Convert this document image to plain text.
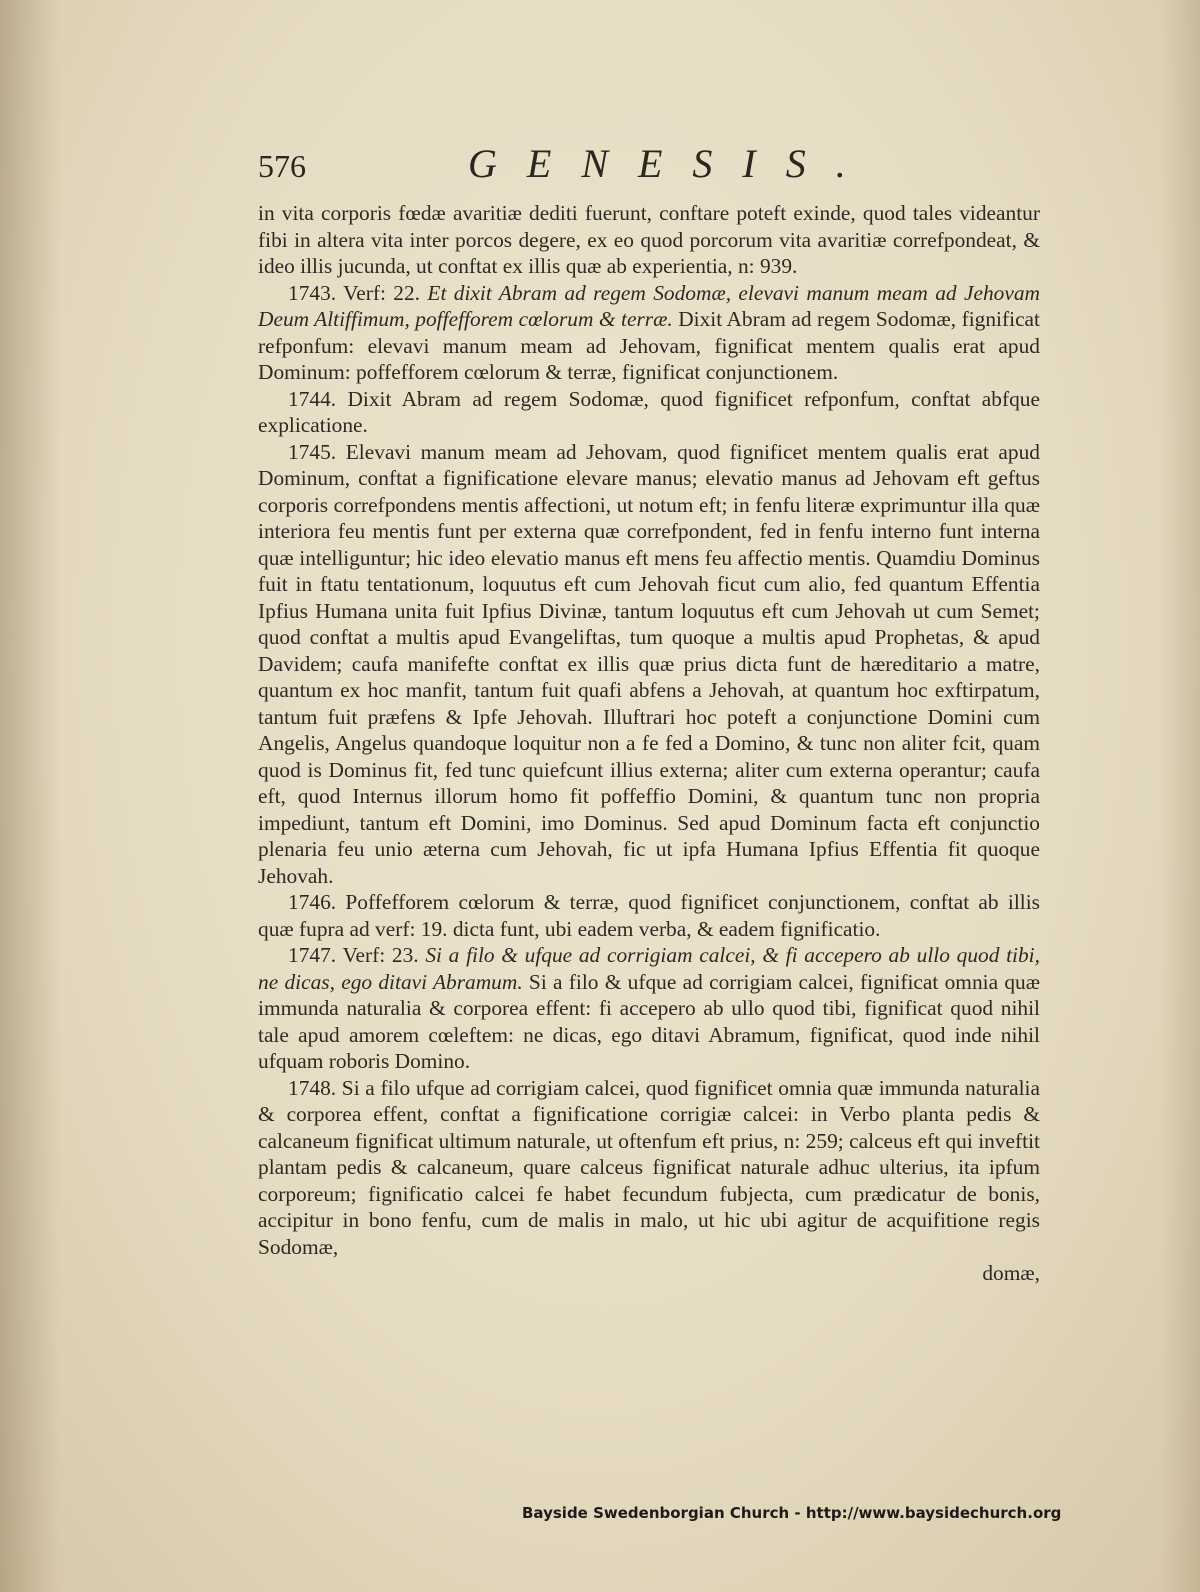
576	GENESIS.

in vita corporis fœdæ avaritiæ dediti fuerunt, conftare poteft exinde, quod tales videantur fibi in altera vita inter porcos degere, ex eo quod porcorum vita avaritiæ correfpondeat, & ideo illis jucunda, ut conftat ex illis quæ ab experientia, n: 939.

1743. Verf: 22. Et dixit Abram ad regem Sodomæ, elevavi manum meam ad Jehovam Deum Altiffimum, poffefforem cœlorum & terræ. Dixit Abram ad regem Sodomæ, fignificat refponfum: elevavi manum meam ad Jehovam, fignificat mentem qualis erat apud Dominum: poffefforem cœlorum & terræ, fignificat conjunctionem.

1744. Dixit Abram ad regem Sodomæ, quod fignificet refponfum, conftat abfque explicatione.

1745. Elevavi manum meam ad Jehovam, quod fignificet mentem qualis erat apud Dominum, conftat a fignificatione elevare manus; elevatio manus ad Jehovam eft geftus corporis correfpondens mentis affectioni, ut notum eft; in fenfu literæ exprimuntur illa quæ interiora feu mentis funt per externa quæ correfpondent, fed in fenfu interno funt interna quæ intelliguntur; hic ideo elevatio manus eft mens feu affectio mentis. Quamdiu Dominus fuit in ftatu tentationum, loquutus eft cum Jehovah ficut cum alio, fed quantum Effentia Ipfius Humana unita fuit Ipfius Divinæ, tantum loquutus eft cum Jehovah ut cum Semet; quod conftat a multis apud Evangeliftas, tum quoque a multis apud Prophetas, & apud Davidem; caufa manifefte conftat ex illis quæ prius dicta funt de hæreditario a matre, quantum ex hoc manfit, tantum fuit quafi abfens a Jehovah, at quantum hoc exftirpatum, tantum fuit præfens & Ipfe Jehovah. Illuftrari hoc poteft a conjunctione Domini cum Angelis, Angelus quandoque loquitur non a fe fed a Domino, & tunc non aliter fcit, quam quod is Dominus fit, fed tunc quiefcunt illius externa; aliter cum externa operantur; caufa eft, quod Internus illorum homo fit poffeffio Domini, & quantum tunc non propria impediunt, tantum eft Domini, imo Dominus. Sed apud Dominum facta eft conjunctio plenaria feu unio æterna cum Jehovah, fic ut ipfa Humana Ipfius Effentia fit quoque Jehovah.

1746. Poffefforem cœlorum & terræ, quod fignificet conjunctionem, conftat ab illis quæ fupra ad verf: 19. dicta funt, ubi eadem verba, & eadem fignificatio.

1747. Verf: 23. Si a filo & ufque ad corrigiam calcei, & fi accepero ab ullo quod tibi, ne dicas, ego ditavi Abramum. Si a filo & ufque ad corrigiam calcei, fignificat omnia quæ immunda naturalia & corporea effent: fi accepero ab ullo quod tibi, fignificat quod nihil tale apud amorem cœleftem: ne dicas, ego ditavi Abramum, fignificat, quod inde nihil ufquam roboris Domino.

1748. Si a filo ufque ad corrigiam calcei, quod fignificet omnia quæ immunda naturalia & corporea effent, conftat a fignificatione corrigiæ calcei: in Verbo planta pedis & calcaneum fignificat ultimum naturale, ut oftenfum eft prius, n: 259; calceus eft qui inveftit plantam pedis & calcaneum, quare calceus fignificat naturale adhuc ulterius, ita ipfum corporeum; fignificatio calcei fe habet fecundum fubjecta, cum prædicatur de bonis, accipitur in bono fenfu, cum de malis in malo, ut hic ubi agitur de acquifitione regis Sodomæ,

domæ,
Bayside Swedenborgian Church - http://www.baysidechurch.org
